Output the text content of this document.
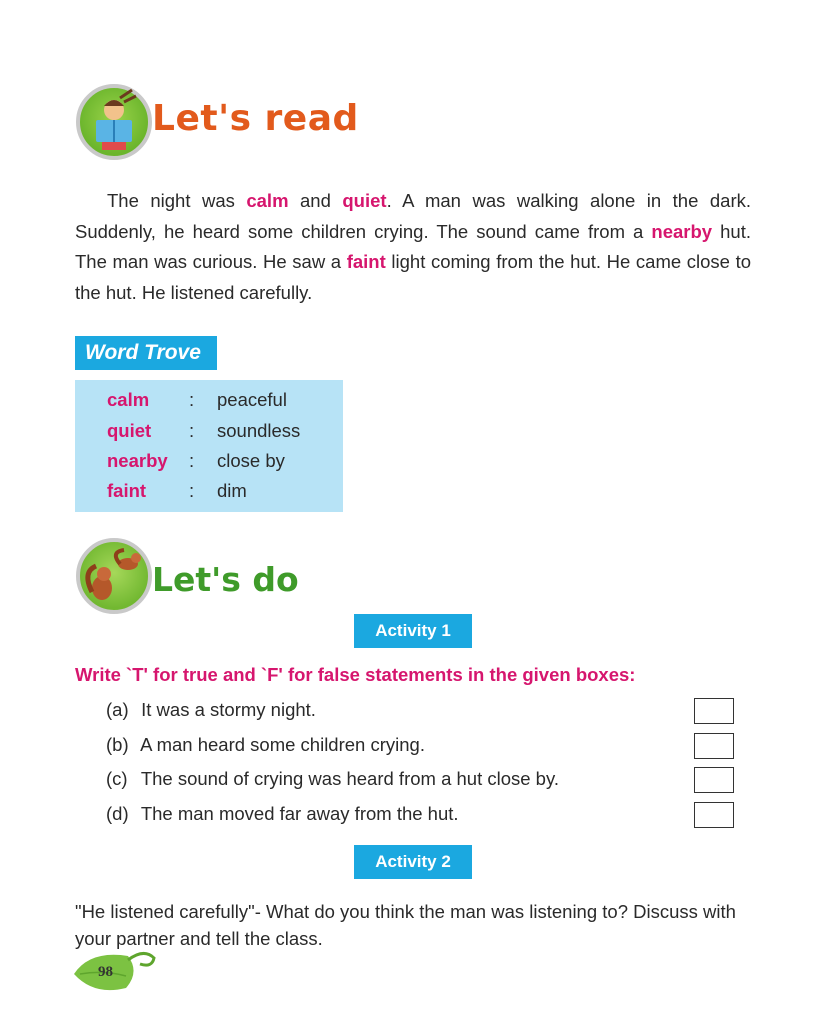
Let's read
The night was calm and quiet. A man was walking alone in the dark. Suddenly, he heard some children crying. The sound came from a nearby hut. The man was curious. He saw a faint light coming from the hut. He came close to the hut. He listened carefully.
Word Trove
calm : peaceful
quiet : soundless
nearby : close by
faint : dim
Let's do
Activity 1
Write `T' for true and `F' for false statements in the given boxes:
(a) It was a stormy night.
(b) A man heard some children crying.
(c) The sound of crying was heard from a hut close by.
(d) The man moved far away from the hut.
Activity 2
"He listened carefully"- What do you think the man was listening to? Discuss with your partner and tell the class.
98
